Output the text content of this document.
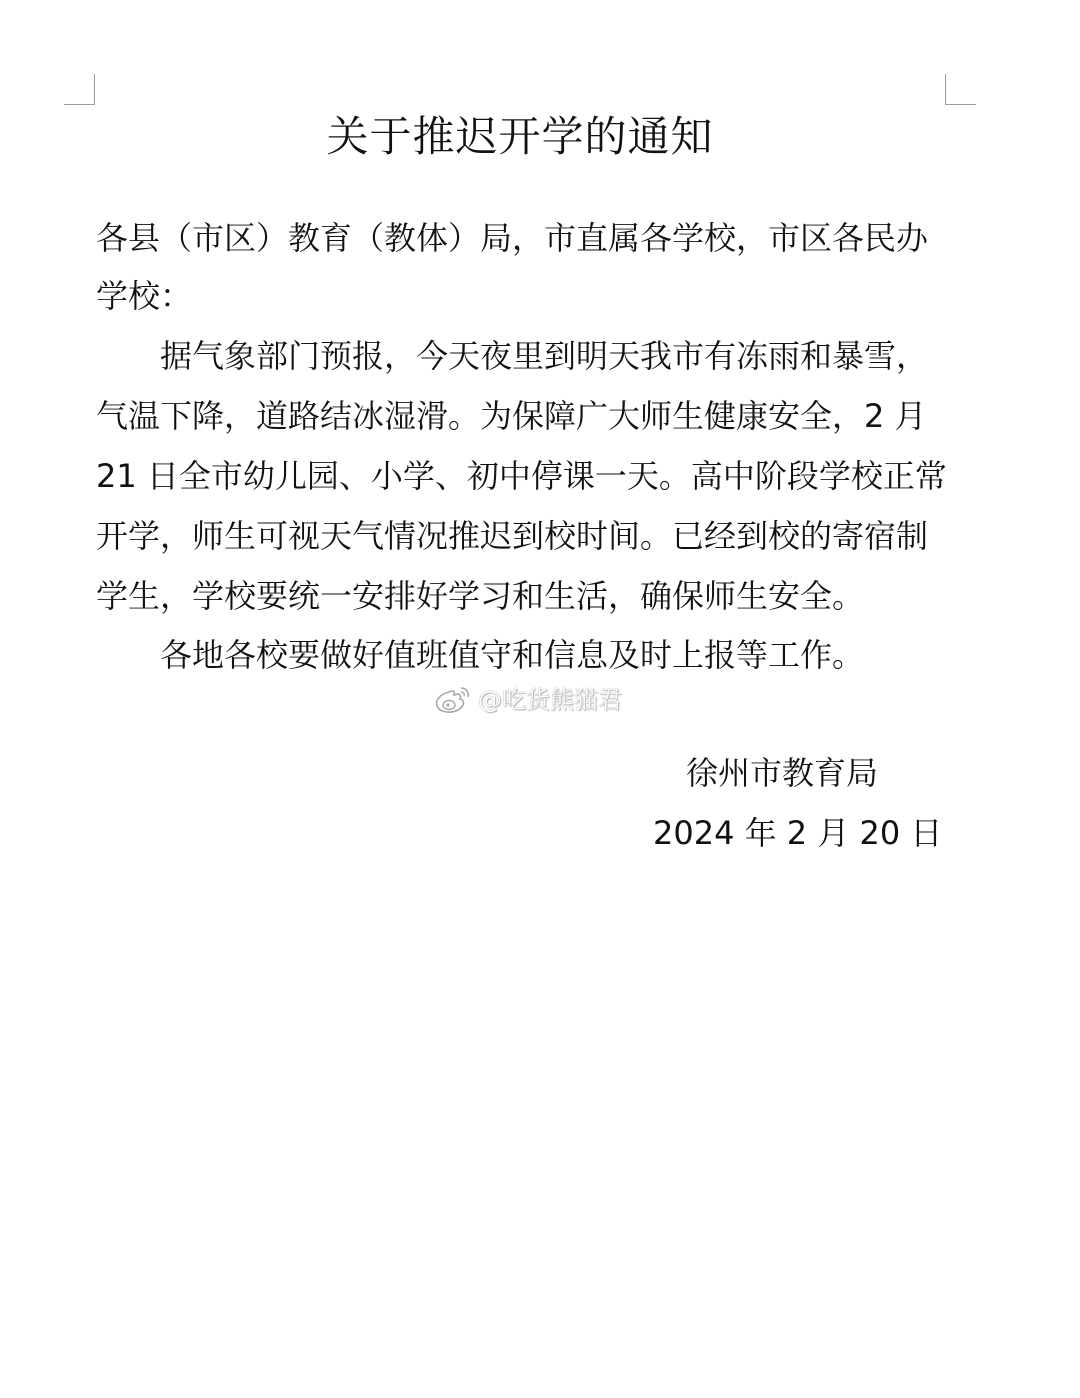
关于推迟开学的通知
各县（市区）教育（教体）局，市直属各学校，市区各民办
学校：
据气象部门预报，今天夜里到明天我市有冻雨和暴雪，
气温下降，道路结冰湿滑。为保障广大师生健康安全，2 月
21 日全市幼儿园、小学、初中停课一天。高中阶段学校正常
开学，师生可视天气情况推迟到校时间。已经到校的寄宿制
学生，学校要统一安排好学习和生活，确保师生安全。
各地各校要做好值班值守和信息及时上报等工作。
@吃货熊猫君
徐州市教育局
2024 年 2 月 20 日
